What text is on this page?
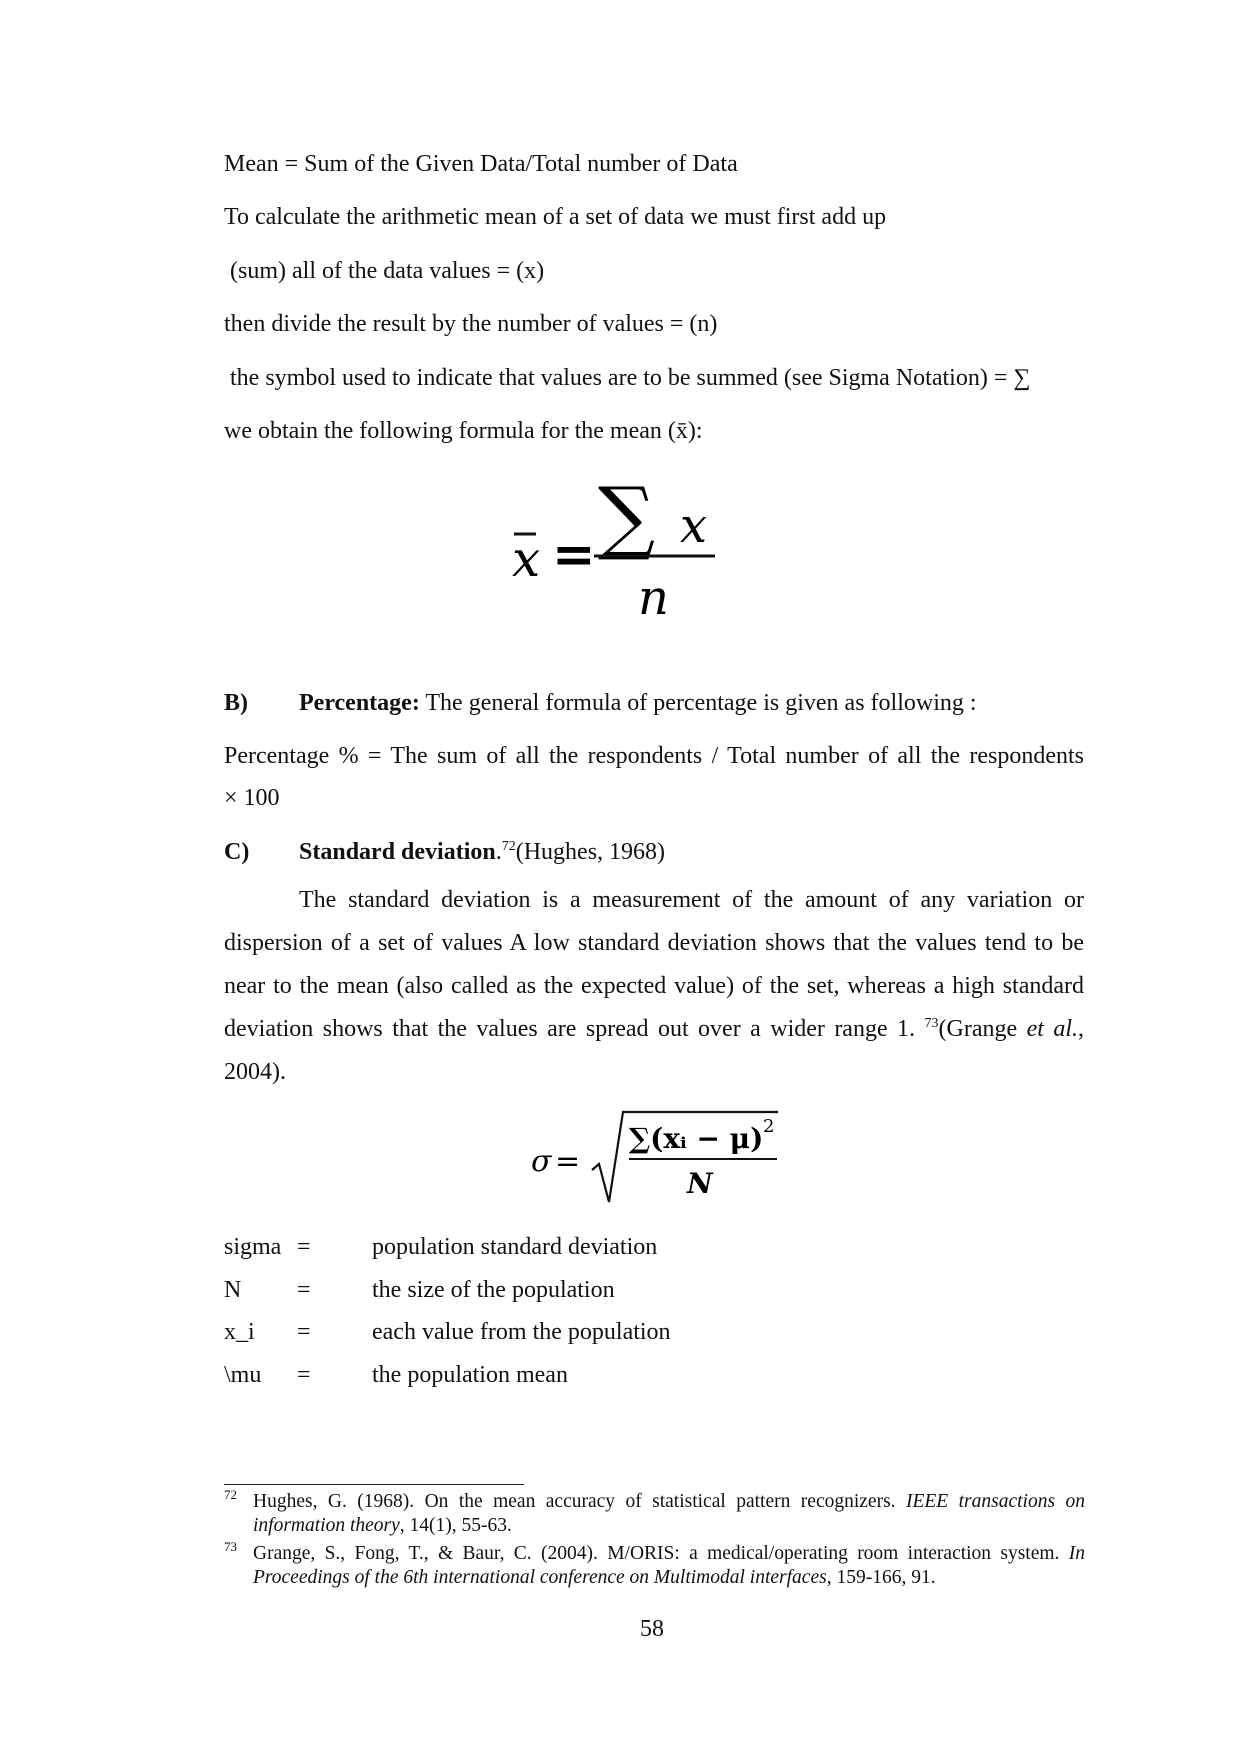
Mean = Sum of the Given Data/Total number of Data
To calculate the arithmetic mean of a set of data we must first add up
(sum) all of the data values = (x)
then divide the result by the number of values = (n)
the symbol used to indicate that values are to be summed (see Sigma Notation) = ∑
we obtain the following formula for the mean (x̄):
x = ∑ x
n
B) Percentage: The general formula of percentage is given as following :
Percentage % = The sum of all the respondents / Total number of all the respondents
× 100
C) Standard deviation.$^{72}$(Hughes, 1968)
The standard deviation is a measurement of the amount of any variation or dispersion of a set of values A low standard deviation shows that the values tend to be near to the mean (also called as the expected value) of the set, whereas a high standard deviation shows that the values are spread out over a wider range 1. $^{73}$(Grange et al., 2004).
σ =
∑(xᵢ − μ) 2
N
sigma =	population standard deviation
N =	the size of the population
x_i =	each value from the population
\mu =	the population mean
72 Hughes, G. (1968). On the mean accuracy of statistical pattern recognizers. IEEE transactions on information theory, 14(1), 55-63.
73 Grange, S., Fong, T., & Baur, C. (2004). M/ORIS: a medical/operating room interaction system. In Proceedings of the 6th international conference on Multimodal interfaces, 159-166, 91.
58
